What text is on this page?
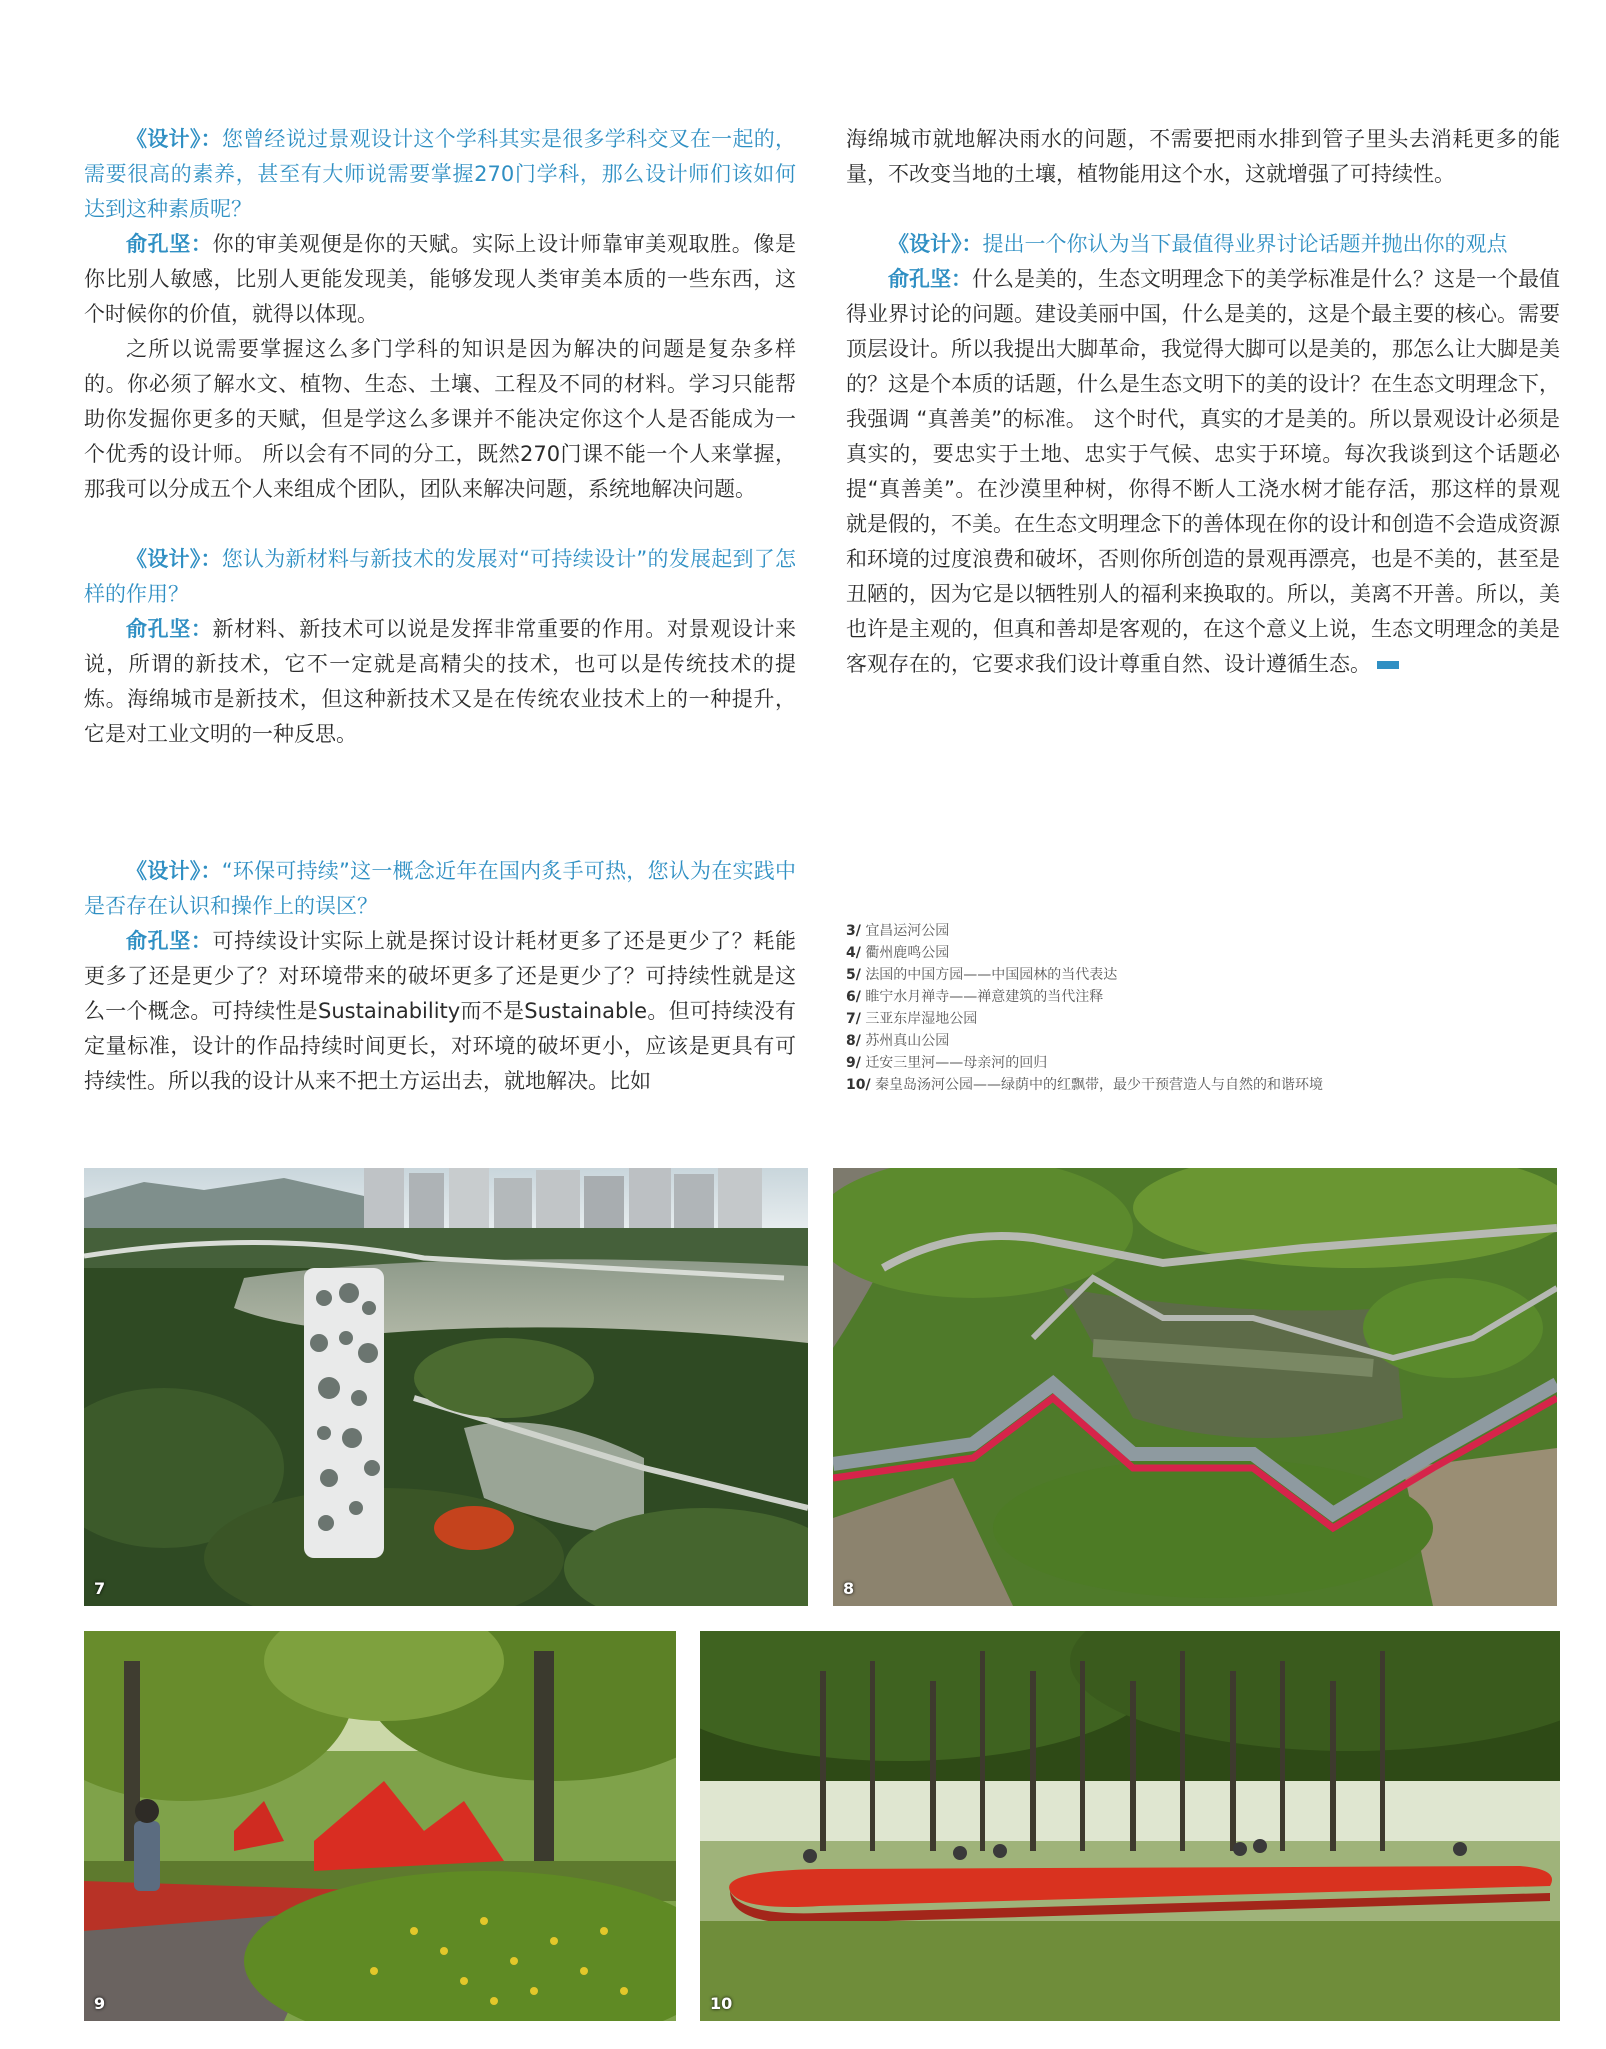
《设计》：您曾经说过景观设计这个学科其实是很多学科交叉在一起的，需要很高的素养，甚至有大师说需要掌握270门学科，那么设计师们该如何达到这种素质呢？

俞孔坚：你的审美观便是你的天赋。实际上设计师靠审美观取胜。像是你比别人敏感，比别人更能发现美，能够发现人类审美本质的一些东西，这个时候你的价值，就得以体现。

之所以说需要掌握这么多门学科的知识是因为解决的问题是复杂多样的。你必须了解水文、植物、生态、土壤、工程及不同的材料。学习只能帮助你发掘你更多的天赋，但是学这么多课并不能决定你这个人是否能成为一个优秀的设计师。 所以会有不同的分工，既然270门课不能一个人来掌握，那我可以分成五个人来组成个团队，团队来解决问题，系统地解决问题。

《设计》：您认为新材料与新技术的发展对“可持续设计”的发展起到了怎样的作用？

俞孔坚：新材料、新技术可以说是发挥非常重要的作用。对景观设计来说，所谓的新技术，它不一定就是高精尖的技术，也可以是传统技术的提炼。海绵城市是新技术，但这种新技术又是在传统农业技术上的一种提升，它是对工业文明的一种反思。

《设计》：“环保可持续”这一概念近年在国内炙手可热，您认为在实践中是否存在认识和操作上的误区？

俞孔坚：可持续设计实际上就是探讨设计耗材更多了还是更少了？耗能更多了还是更少了？对环境带来的破坏更多了还是更少了？可持续性就是这么一个概念。可持续性是Sustainability而不是Sustainable。但可持续没有定量标准，设计的作品持续时间更长，对环境的破坏更小，应该是更具有可持续性。所以我的设计从来不把土方运出去，就地解决。比如

海绵城市就地解决雨水的问题，不需要把雨水排到管子里头去消耗更多的能量，不改变当地的土壤，植物能用这个水，这就增强了可持续性。

《设计》：提出一个你认为当下最值得业界讨论话题并抛出你的观点

俞孔坚：什么是美的，生态文明理念下的美学标准是什么？这是一个最值得业界讨论的问题。建设美丽中国，什么是美的，这是个最主要的核心。需要顶层设计。所以我提出大脚革命，我觉得大脚可以是美的，那怎么让大脚是美的？这是个本质的话题，什么是生态文明下的美的设计？在生态文明理念下，我强调 “真善美”的标准。 这个时代，真实的才是美的。所以景观设计必须是真实的，要忠实于土地、忠实于气候、忠实于环境。每次我谈到这个话题必提“真善美”。在沙漠里种树，你得不断人工浇水树才能存活，那这样的景观就是假的，不美。在生态文明理念下的善体现在你的设计和创造不会造成资源和环境的过度浪费和破坏，否则你所创造的景观再漂亮，也是不美的，甚至是丑陋的，因为它是以牺牲别人的福利来换取的。所以，美离不开善。所以，美也许是主观的，但真和善却是客观的，在这个意义上说，生态文明理念的美是客观存在的，它要求我们设计尊重自然、设计遵循生态。

3/ 宜昌运河公园
4/ 衢州鹿鸣公园
5/ 法国的中国方园——中国园林的当代表达
6/ 睢宁水月禅寺——禅意建筑的当代注释
7/ 三亚东岸湿地公园
8/ 苏州真山公园
9/ 迁安三里河——母亲河的回归
10/ 秦皇岛汤河公园——绿荫中的红飘带，最少干预营造人与自然的和谐环境
7	8
9	10
